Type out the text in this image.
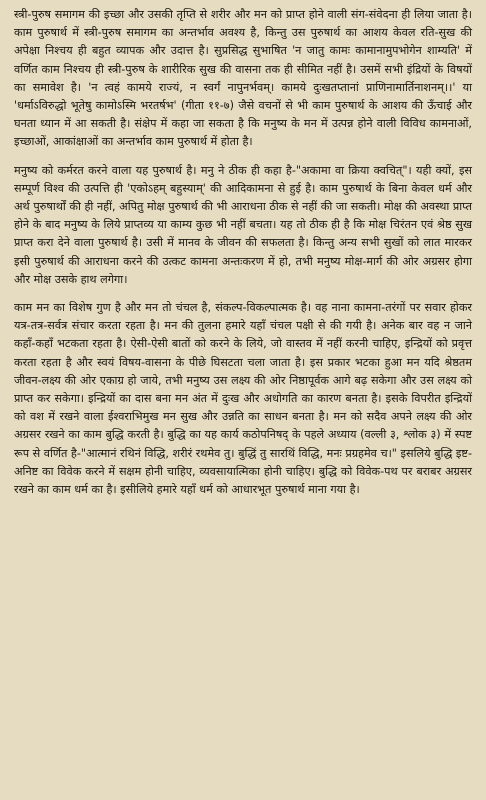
स्त्री-पुरुष समागम की इच्छा और उसकी तृप्ति से शरीर और मन को प्राप्त होने वाली संग-संवेदना ही लिया जाता है। काम पुरुषार्थ में स्त्री-पुरुष समागम का अन्तर्भाव अवश्य है, किन्तु उस पुरुषार्थ का आशय केवल रति-सुख की अपेक्षा निश्चय ही बहुत व्यापक और उदात्त है। सुप्रसिद्ध सुभाषित 'न जातु कामः कामानामुपभोगेन शाम्यति' में वर्णित काम निश्चय ही स्त्री-पुरुष के शारीरिक सुख की वासना तक ही सीमित नहीं है। उसमें सभी इंद्रियों के विषयों का समावेश है। 'न त्वहं कामये राज्यं, न स्वर्गं नापुनर्भवम्। कामये दुःखतप्तानां प्राणिनामार्तिनाशनम्।।' या 'धर्माऽविरुद्धो भूतेषु कामोऽस्मि भरतर्षभ' (गीता ११-७) जैसे वचनों से भी काम पुरुषार्थ के आशय की ऊँचाई और घनता ध्यान में आ सकती है। संक्षेप में कहा जा सकता है कि मनुष्य के मन में उत्पन्न होने वाली विविध कामनाओं, इच्छाओं, आकांक्षाओं का अन्तर्भाव काम पुरुषार्थ में होता है।

मनुष्य को कर्मरत करने वाला यह पुरुषार्थ है। मनु ने ठीक ही कहा है-"अकामा वा क्रिया क्वचित्"। यही क्यों, इस सम्पूर्ण विश्व की उत्पत्ति ही 'एकोऽहम् बहुस्याम्' की आदिकामना से हुई है। काम पुरुषार्थ के बिना केवल धर्म और अर्थ पुरुषार्थों की ही नहीं, अपितु मोक्ष पुरुषार्थ की भी आराधना ठीक से नहीं की जा सकती। मोक्ष की अवस्था प्राप्त होने के बाद मनुष्य के लिये प्राप्तव्य या काम्य कुछ भी नहीं बचता। यह तो ठीक ही है कि मोक्ष चिरंतन एवं श्रेष्ठ सुख प्राप्त करा देने वाला पुरुषार्थ है। उसी में मानव के जीवन की सफलता है। किन्तु अन्य सभी सुखों को लात मारकर इसी पुरुषार्थ की आराधना करने की उत्कट कामना अन्तःकरण में हो, तभी मनुष्य मोक्ष-मार्ग की ओर अग्रसर होगा और मोक्ष उसके हाथ लगेगा।

काम मन का विशेष गुण है और मन तो चंचल है, संकल्प-विकल्पात्मक है। वह नाना कामना-तरंगों पर सवार होकर यत्र-तत्र-सर्वत्र संचार करता रहता है। मन की तुलना हमारे यहाँ चंचल पक्षी से की गयी है। अनेक बार वह न जाने कहाँ-कहाँ भटकता रहता है। ऐसी-ऐसी बातों को करने के लिये, जो वास्तव में नहीं करनी चाहिए, इन्द्रियों को प्रवृत्त करता रहता है और स्वयं विषय-वासना के पीछे घिसटता चला जाता है। इस प्रकार भटका हुआ मन यदि श्रेष्ठतम जीवन-लक्ष्य की ओर एकाग्र हो जाये, तभी मनुष्य उस लक्ष्य की ओर निष्ठापूर्वक आगे बढ़ सकेगा और उस लक्ष्य को प्राप्त कर सकेगा। इन्द्रियों का दास बना मन अंत में दुःख और अधोगति का कारण बनता है। इसके विपरीत इन्द्रियों को वश में रखने वाला ईश्वराभिमुख मन सुख और उन्नति का साधन बनता है। मन को सदैव अपने लक्ष्य की ओर अग्रसर रखने का काम बुद्धि करती है। बुद्धि का यह कार्य कठोपनिषद् के पहले अध्याय (वल्ली ३, श्लोक ३) में स्पष्ट रूप से वर्णित है-"आत्मानं रथिनं विद्धि, शरीरं रथमेव तु। बुद्धिं तु सारथिं विद्धि, मनः प्रग्रहमेव च।" इसलिये बुद्धि इष्ट-अनिष्ट का विवेक करने में सक्षम होनी चाहिए, व्यवसायात्मिका होनी चाहिए। बुद्धि को विवेक-पथ पर बराबर अग्रसर रखने का काम धर्म का है। इसीलिये हमारे यहाँ धर्म को आधारभूत पुरुषार्थ माना गया है।
